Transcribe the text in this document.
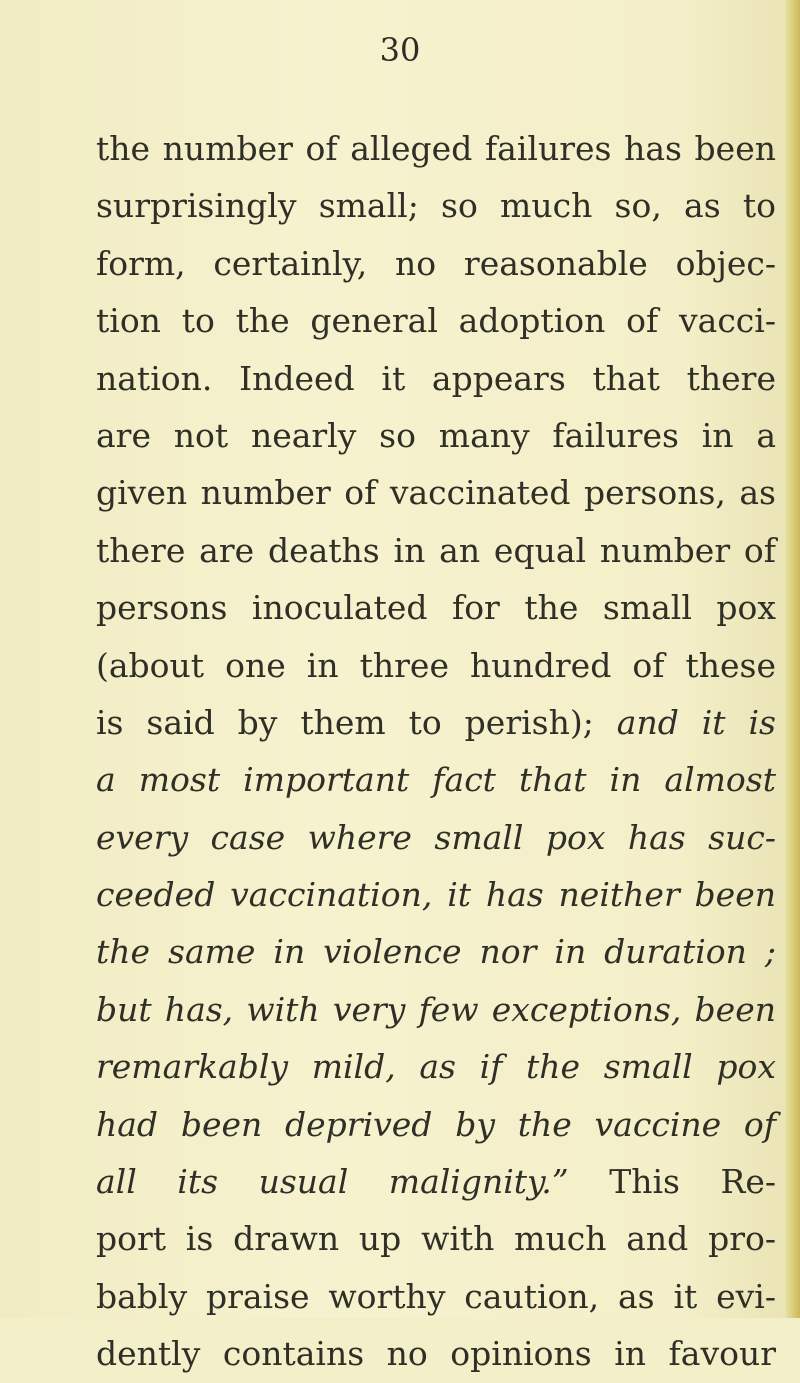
30
the number of alleged failures has been
surprisingly small; so much so, as to
form, certainly, no reasonable objec-
tion to the general adoption of vacci-
nation. Indeed it appears that there
are not nearly so many failures in a
given number of vaccinated persons, as
there are deaths in an equal number of
persons inoculated for the small pox
(about one in three hundred of these
is said by them to perish); and it is
a most important fact that in almost
every case where small pox has suc-
ceeded vaccination, it has neither been
the same in violence nor in duration ;
but has, with very few exceptions, been
remarkably mild, as if the small pox
had been deprived by the vaccine of
all its usual malignity.” This Re-
port is drawn up with much and pro-
bably praise worthy caution, as it evi-
dently contains no opinions in favour
